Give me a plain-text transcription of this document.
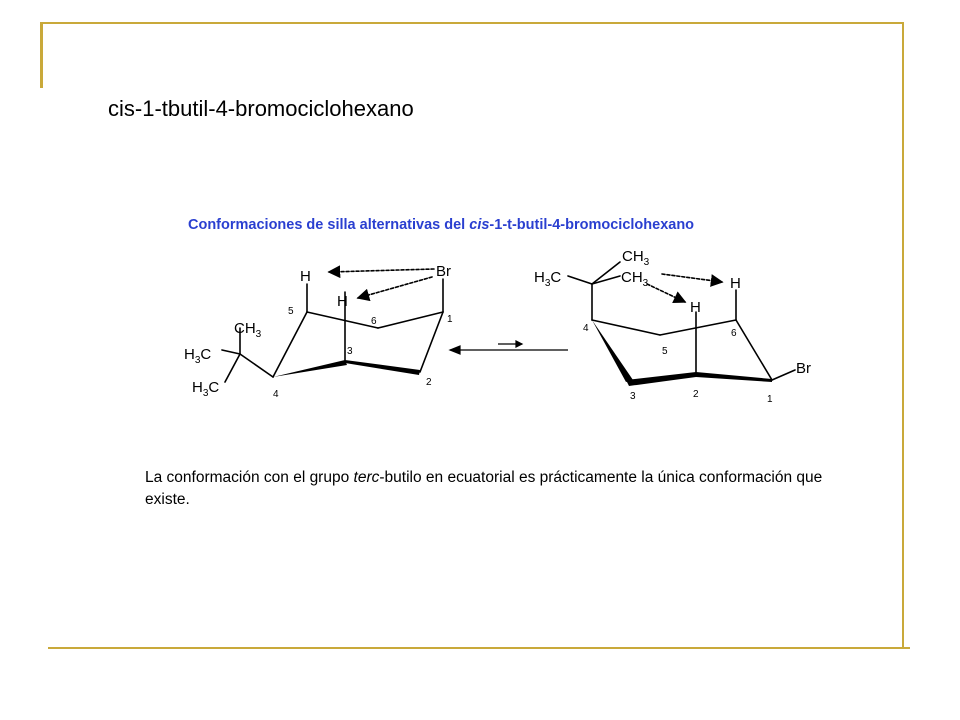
cis-1-tbutil-4-bromociclohexano
Conformaciones de silla alternativas del cis-1-t-butil-4-bromociclohexano
H
H
Br
$CH_3$
$H_3C$
$H_3C$
5
6	1
3
2
4
$CH_3$
$H_3C$	$CH_3$	H
H
Br
4
5
6
3	2	1
La conformación con el grupo terc-butilo en ecuatorial es prácticamente la única conformación que existe.
